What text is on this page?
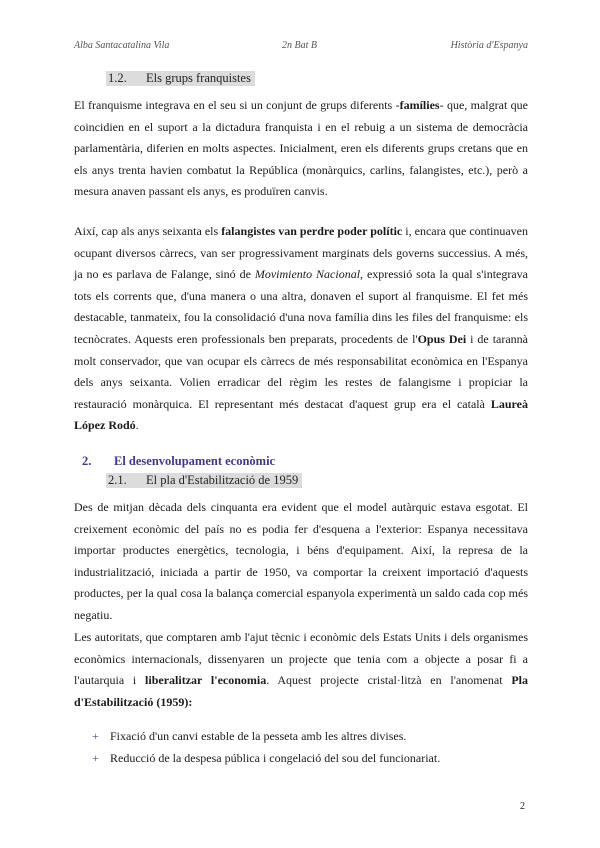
Alba Santacatalina Vila	2n Bat B	Història d'Espanya
1.2. Els grups franquistes

El franquisme integrava en el seu si un conjunt de grups diferents -famílies- que, malgrat que coincidien en el suport a la dictadura franquista i en el rebuig a un sistema de democràcia parlamentària, diferien en molts aspectes. Inicialment, eren els diferents grups cretans que en els anys trenta havien combatut la República (monàrquics, carlins, falangistes, etc.), però a mesura anaven passant els anys, es produïren canvis.

Així, cap als anys seixanta els falangistes van perdre poder polític i, encara que continuaven ocupant diversos càrrecs, van ser progressivament marginats dels governs successius. A més, ja no es parlava de Falange, sinó de Movimiento Nacional, expressió sota la qual s'integrava tots els corrents que, d'una manera o una altra, donaven el suport al franquisme. El fet més destacable, tanmateix, fou la consolidació d'una nova família dins les files del franquisme: els tecnòcrates. Aquests eren professionals ben preparats, procedents de l'Opus Dei i de tarannà molt conservador, que van ocupar els càrrecs de més responsabilitat econòmica en l'Espanya dels anys seixanta. Volien erradicar del règim les restes de falangisme i propiciar la restauració monàrquica. El representant més destacat d'aquest grup era el català Laureà López Rodó.

2. El desenvolupament econòmic
2.1. El pla d'Estabilització de 1959

Des de mitjan dècada dels cinquanta era evident que el model autàrquic estava esgotat. El creixement econòmic del país no es podia fer d'esquena a l'exterior: Espanya necessitava importar productes energètics, tecnologia, i béns d'equipament. Així, la represa de la industrialització, iniciada a partir de 1950, va comportar la creixent importació d'aquests productes, per la qual cosa la balança comercial espanyola experimentà un saldo cada cop més negatiu.

Les autoritats, que comptaren amb l'ajut tècnic i econòmic dels Estats Units i dels organismes econòmics internacionals, dissenyaren un projecte que tenia com a objecte a posar fi a l'autarquia i liberalitzar l'economia. Aquest projecte cristal·litzà en l'anomenat Pla d'Estabilització (1959):

+ Fixació d'un canvi estable de la pesseta amb les altres divises.
+ Reducció de la despesa pública i congelació del sou del funcionariat.
2
